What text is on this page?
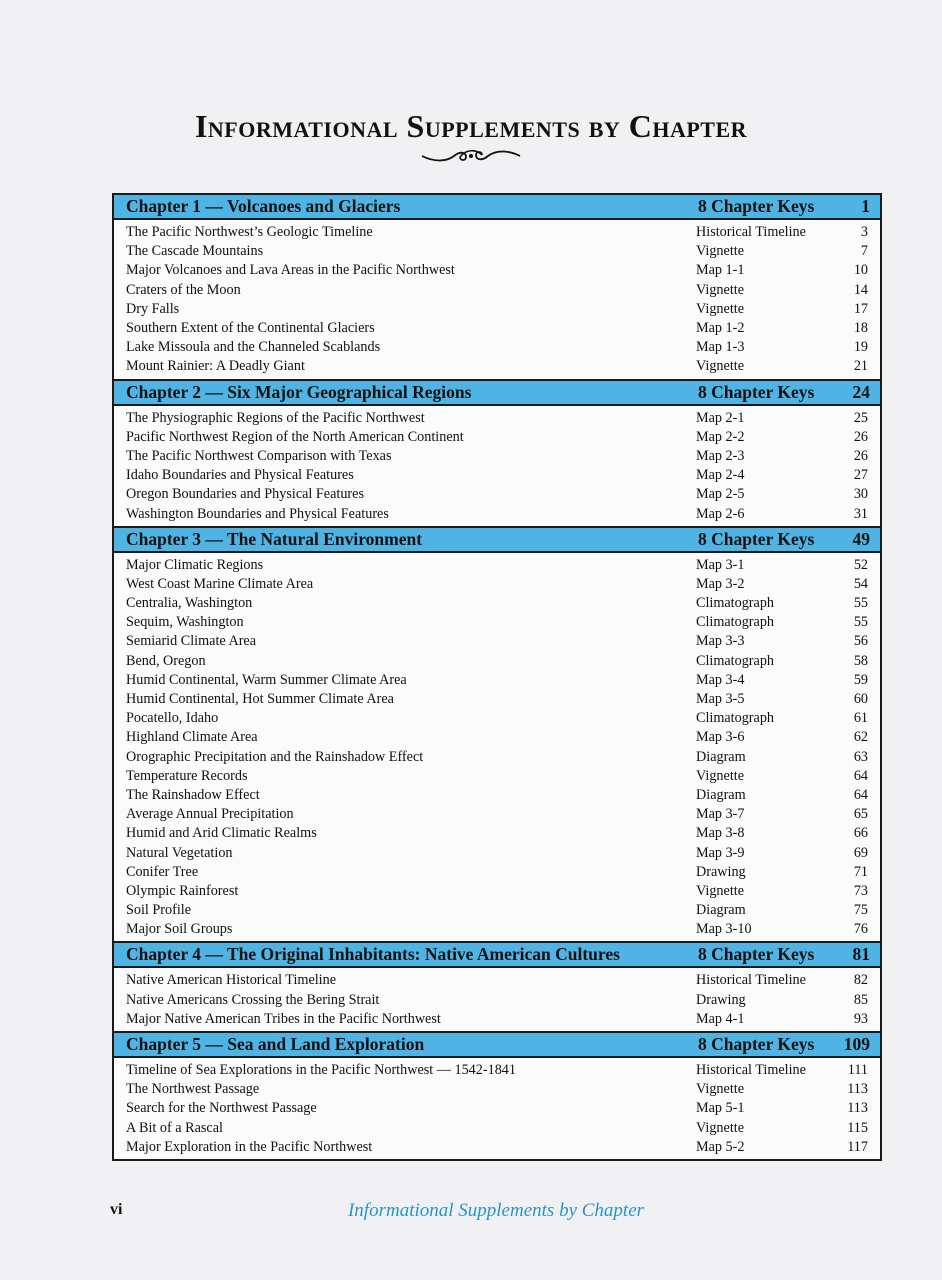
Informational Supplements by Chapter
Chapter 1 — Volcanoes and Glaciers	8 Chapter Keys	1
The Pacific Northwest’s Geologic Timeline	Historical Timeline	3
The Cascade Mountains	Vignette	7
Major Volcanoes and Lava Areas in the Pacific Northwest	Map 1-1	10
Craters of the Moon	Vignette	14
Dry Falls	Vignette	17
Southern Extent of the Continental Glaciers	Map 1-2	18
Lake Missoula and the Channeled Scablands	Map 1-3	19
Mount Rainier: A Deadly Giant	Vignette	21
Chapter 2 — Six Major Geographical Regions	8 Chapter Keys	24
The Physiographic Regions of the Pacific Northwest	Map 2-1	25
Pacific Northwest Region of the North American Continent	Map 2-2	26
The Pacific Northwest Comparison with Texas	Map 2-3	26
Idaho Boundaries and Physical Features	Map 2-4	27
Oregon Boundaries and Physical Features	Map 2-5	30
Washington Boundaries and Physical Features	Map 2-6	31
Chapter 3 — The Natural Environment	8 Chapter Keys	49
Major Climatic Regions	Map 3-1	52
West Coast Marine Climate Area	Map 3-2	54
Centralia, Washington	Climatograph	55
Sequim, Washington	Climatograph	55
Semiarid Climate Area	Map 3-3	56
Bend, Oregon	Climatograph	58
Humid Continental, Warm Summer Climate Area	Map 3-4	59
Humid Continental, Hot Summer Climate Area	Map 3-5	60
Pocatello, Idaho	Climatograph	61
Highland Climate Area	Map 3-6	62
Orographic Precipitation and the Rainshadow Effect	Diagram	63
Temperature Records	Vignette	64
The Rainshadow Effect	Diagram	64
Average Annual Precipitation	Map 3-7	65
Humid and Arid Climatic Realms	Map 3-8	66
Natural Vegetation	Map 3-9	69
Conifer Tree	Drawing	71
Olympic Rainforest	Vignette	73
Soil Profile	Diagram	75
Major Soil Groups	Map 3-10	76
Chapter 4 — The Original Inhabitants: Native American Cultures	8 Chapter Keys	81
Native American Historical Timeline	Historical Timeline	82
Native Americans Crossing the Bering Strait	Drawing	85
Major Native American Tribes in the Pacific Northwest	Map 4-1	93
Chapter 5 — Sea and Land Exploration	8 Chapter Keys	109
Timeline of Sea Explorations in the Pacific Northwest — 1542-1841	Historical Timeline	111
The Northwest Passage	Vignette	113
Search for the Northwest Passage	Map 5-1	113
A Bit of a Rascal	Vignette	115
Major Exploration in the Pacific Northwest	Map 5-2	117
vi	Informational Supplements by Chapter
